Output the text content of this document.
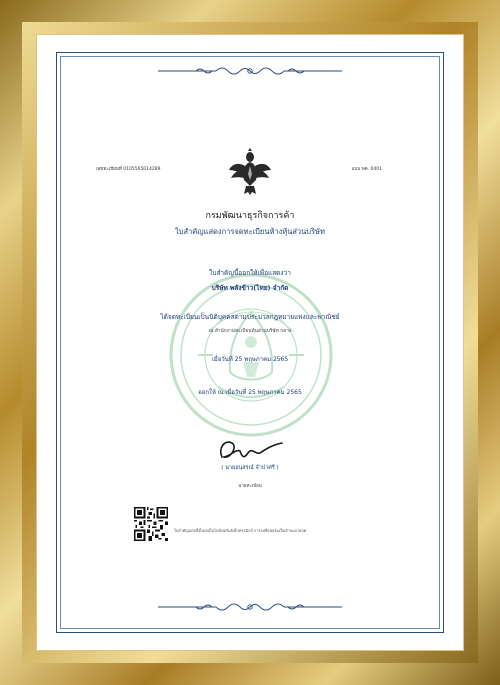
เลขทะเบียนที่ 0105565014289	แบบ พค. 0401
กรมพัฒนาธุรกิจการค้า
ใบสำคัญแสดงการจดทะเบียนห้างหุ้นส่วนบริษัท
ใบสำคัญนี้ออกให้เพื่อแสดงว่า
บริษัท พลังข้าว(ไทย) จำกัด
ได้จดทะเบียนเป็นนิติบุคคลตามประมวลกฎหมายแพ่งและพาณิชย์
ณ สำนักงานทะเบียนหุ้นส่วนบริษัท กลาง
เมื่อวันที่ 25 พฤษภาคม 2565
ออกให้ ณ เมื่อวันที่ 25 พฤษภาคม 2565
( นายอนุสรณ์ จำปาศรี )
นายทะเบียน
ใบสำคัญฉบับนี้ตั้งแต่เป็นไฟล์ฟอร์มอิเล็กทรอนิกส์ การลงชื่อฟอร์มเป็นลำบมบายลค
